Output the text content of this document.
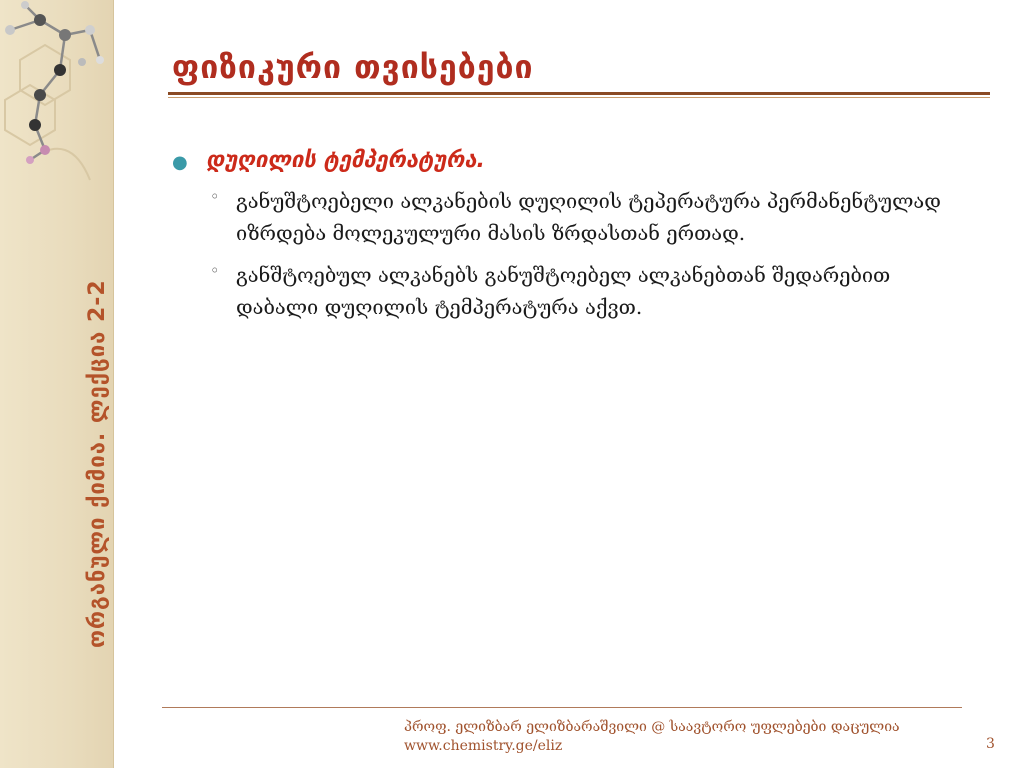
ორგანული ქიმია. ლექცია 2-2
ფიზიკური თვისებები
● დუღილის ტემპერატურა.
◦ განუშტოებელი ალკანების დუღილის ტეპერატურა პერმანენტულად იზრდება მოლეკულური მასის ზრდასთან ერთად.
◦ განშტოებულ ალკანებს განუშტოებელ ალკანებთან შედარებით დაბალი დუღილის ტემპერატურა აქვთ.
პროფ. ელიზბარ ელიზბარაშვილი @ საავტორო უფლებები დაცულია
www.chemistry.ge/eliz	3
